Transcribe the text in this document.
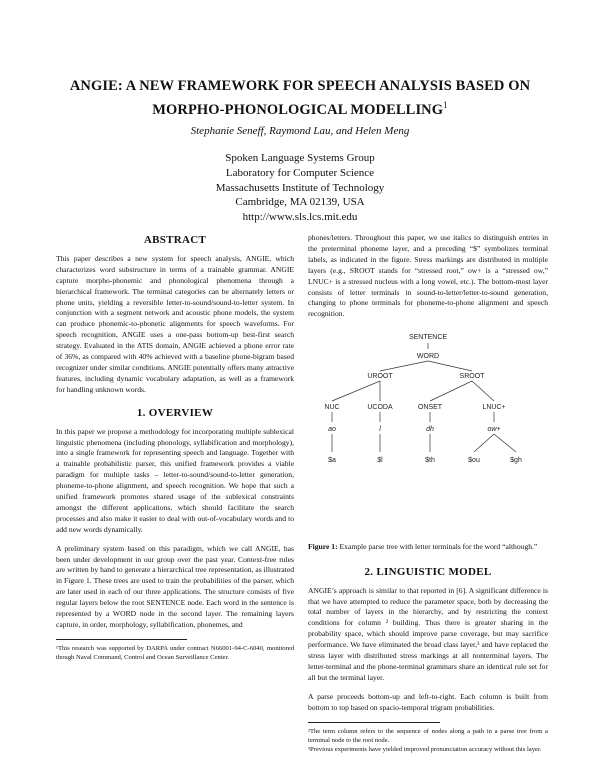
ANGIE: A NEW FRAMEWORK FOR SPEECH ANALYSIS BASED ON MORPHO-PHONOLOGICAL MODELLING$^1$
Stephanie Seneff, Raymond Lau, and Helen Meng
Spoken Language Systems Group
Laboratory for Computer Science
Massachusetts Institute of Technology
Cambridge, MA 02139, USA
http://www.sls.lcs.mit.edu
ABSTRACT

This paper describes a new system for speech analysis, ANGIE, which characterizes word substructure in terms of a trainable grammar. ANGIE capture morpho-phonemic and phonological phenomena through a hierarchical framework. The terminal categories can be alternately letters or phone units, yielding a reversible letter-to-sound/sound-to-letter system. In conjunction with a segment network and acoustic phone models, the system can produce phonemic-to-phonetic alignments for speech waveforms. For speech recognition, ANGIE uses a one-pass bottom-up best-first search strategy. Evaluated in the ATIS domain, ANGIE achieved a phone error rate of 36%, as compared with 40% achieved with a baseline phone-bigram based recognizer under similar conditions. ANGIE potentially offers many attractive features, including dynamic vocabulary adaptation, as well as a framework for handling unknown words.

1. OVERVIEW

In this paper we propose a methodology for incorporating multiple sublexical linguistic phenomena (including phonology, syllabification and morphology), into a single framework for representing speech and language. Together with a trainable probabilistic parser, this unified framework provides a viable paradigm for multiple tasks – letter-to-sound/sound-to-letter generation, phoneme-to-phone alignment, and speech recognition. We hope that such a unified framework promotes shared usage of the sublexical constraints amongst the different applications, which should facilitate the search processes and also make it easier to deal with out-of-vocabulary words and to add new words dynamically.

A preliminary system based on this paradigm, which we call ANGIE, has been under development in our group over the past year. Context-free rules are written by hand to generate a hierarchical tree representation, as illustrated in Figure 1. These trees are used to train the probabilities of the parser, which are later used in each of our three applications. The structure consists of five regular layers below the root SENTENCE node. Each word in the sentence is represented by a WORD node in the second layer. The remaining layers capture, in order, morphology, syllabification, phonemes, and

¹This research was supported by DARPA under contract N66001-94-C-6040, monitored though Naval Command, Control and Ocean Surveillance Center.

phones/letters. Throughout this paper, we use italics to distinguish entries in the preterminal phoneme layer, and a preceding “$” symbolizes terminal labels, as indicated in the figure. Stress markings are distributed in multiple layers (e.g., SROOT stands for “stressed root,” ow+ is a “stressed ow,” LNUC+ is a stressed nucleus with a long vowel, etc.). The bottom-most layer consists of letter terminals in sound-to-letter/letter-to-sound generation, changing to phone terminals for phoneme-to-phone alignment and speech recognition.

SENTENCE
WORD
UROOT	SROOT
NUC	UCODA	ONSET	LNUC+
ao	l	dh	ow+
$a	$l	$th	$ou	$gh
Figure 1: Example parse tree with letter terminals for the word “although.”
2. LINGUISTIC MODEL

ANGIE’s approach is similar to that reported in [6]. A significant difference is that we have attempted to reduce the parameter space, both by decreasing the total number of layers in the hierarchy, and by restricting the context conditions for column ² building. Thus there is greater sharing in the probability space, which should improve parse coverage, but may sacrifice performance. We have eliminated the broad class layer,³ and have replaced the stress layer with distributed stress markings at all nonterminal layers. The letter-terminal and the phone-terminal grammars share an identical rule set for all but the terminal layer.

A parse proceeds bottom-up and left-to-right. Each column is built from bottom to top based on spacio-temporal trigram probabilities.

²The term column refers to the sequence of nodes along a path in a parse tree from a terminal node to the root node.
³Previous experiments have yielded improved pronunciation accuracy without this layer.
